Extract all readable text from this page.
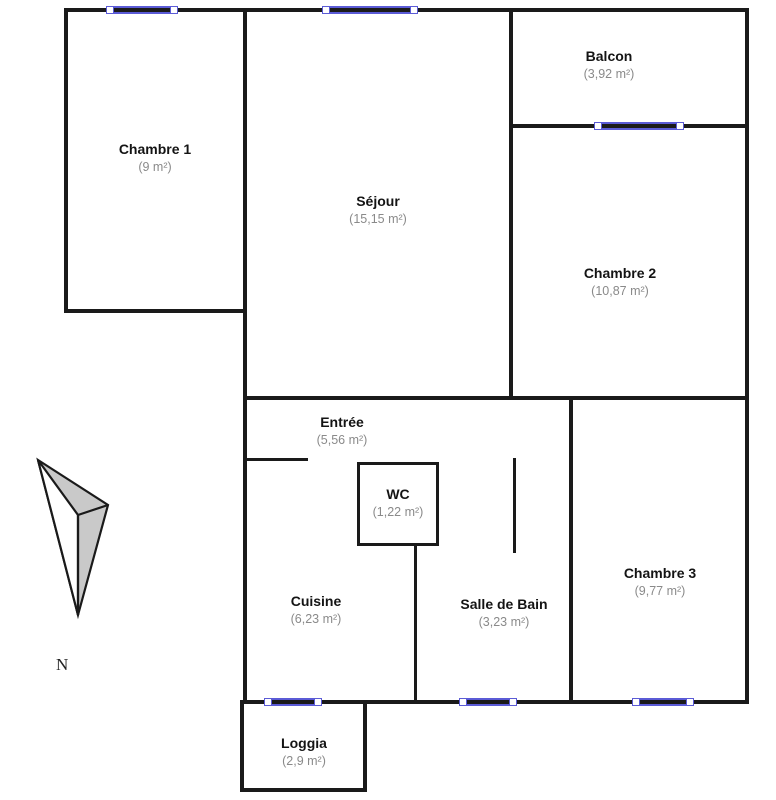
Chambre 1
(9 m²)
Séjour
(15,15 m²)
Balcon
(3,92 m²)
Chambre 2
(10,87 m²)
Entrée
(5,56 m²)
WC
(1,22 m²)
Cuisine
(6,23 m²)
Salle de Bain
(3,23 m²)
Chambre 3
(9,77 m²)
Loggia
(2,9 m²)
N
